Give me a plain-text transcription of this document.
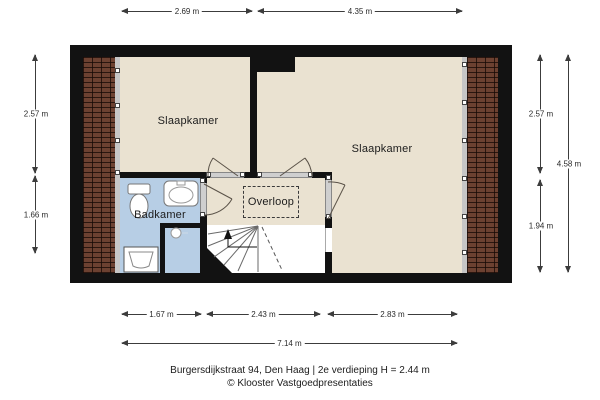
Slaapkamer
Slaapkamer
Badkamer
Overloop
2.69 m	4.35 m
2.57 m
1.66 m
2.57 m
1.94 m
4.58 m
1.67 m	2.43 m	2.83 m
7.14 m
Burgersdijkstraat 94, Den Haag | 2e verdieping H = 2.44 m
© Klooster Vastgoedpresentaties
